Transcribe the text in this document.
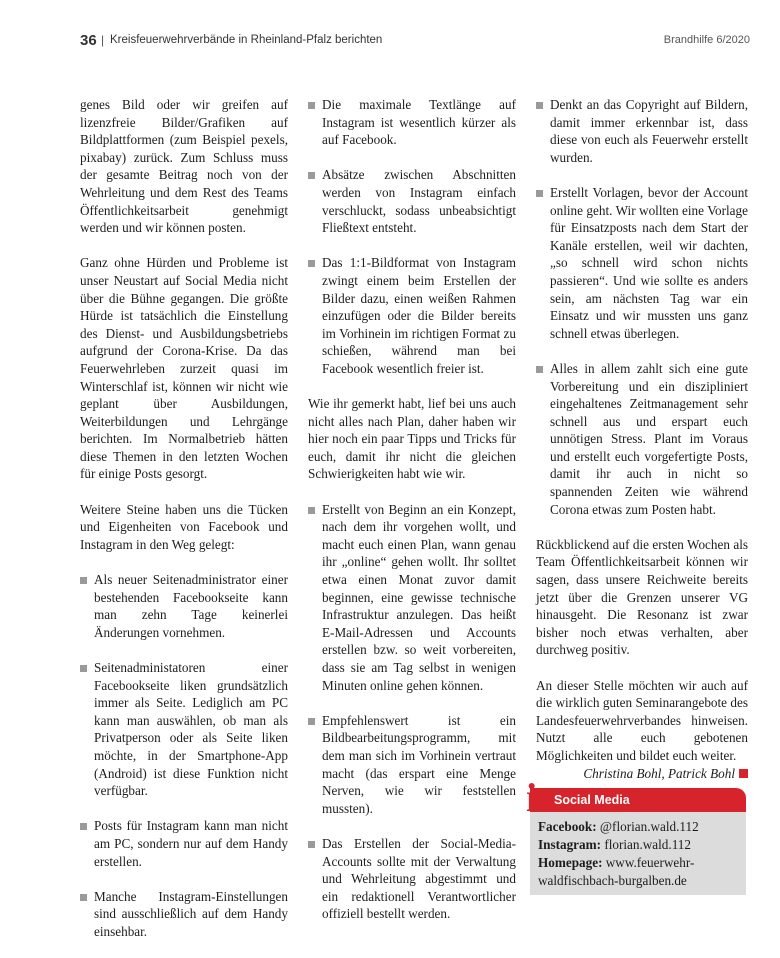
36 | Kreisfeuerwehrverbände in Rheinland-Pfalz berichten	Brandhilfe 6/2020

genes Bild oder wir greifen auf lizenzfreie Bilder/Grafiken auf Bildplattformen (zum Beispiel pexels, pixabay) zurück. Zum Schluss muss der gesamte Beitrag noch von der Wehrleitung und dem Rest des Teams Öffentlichkeitsarbeit genehmigt werden und wir können posten.

Ganz ohne Hürden und Probleme ist unser Neustart auf Social Media nicht über die Bühne gegangen. Die größte Hürde ist tatsächlich die Einstellung des Dienst- und Ausbildungsbetriebs aufgrund der Corona-Krise. Da das Feuerwehrleben zurzeit quasi im Winterschlaf ist, können wir nicht wie geplant über Ausbildungen, Weiterbildungen und Lehrgänge berichten. Im Normalbetrieb hätten diese Themen in den letzten Wochen für einige Posts gesorgt.

Weitere Steine haben uns die Tücken und Eigenheiten von Facebook und Instagram in den Weg gelegt:

Als neuer Seitenadministrator einer bestehenden Facebookseite kann man zehn Tage keinerlei Änderungen vornehmen.

Seitenadministatoren einer Facebookseite liken grundsätzlich immer als Seite. Lediglich am PC kann man auswählen, ob man als Privatperson oder als Seite liken möchte, in der Smartphone-App (Android) ist diese Funktion nicht verfügbar.

Posts für Instagram kann man nicht am PC, sondern nur auf dem Handy erstellen.

Manche Instagram-Einstellungen sind ausschließlich auf dem Handy einsehbar.

Die maximale Textlänge auf Instagram ist wesentlich kürzer als auf Facebook.

Absätze zwischen Abschnitten werden von Instagram einfach verschluckt, sodass unbeabsichtigt Fließtext entsteht.

Das 1:1-Bildformat von Instagram zwingt einem beim Erstellen der Bilder dazu, einen weißen Rahmen einzufügen oder die Bilder bereits im Vorhinein im richtigen Format zu schießen, während man bei Facebook wesentlich freier ist.

Wie ihr gemerkt habt, lief bei uns auch nicht alles nach Plan, daher haben wir hier noch ein paar Tipps und Tricks für euch, damit ihr nicht die gleichen Schwierigkeiten habt wie wir.

Erstellt von Beginn an ein Konzept, nach dem ihr vorgehen wollt, und macht euch einen Plan, wann genau ihr „online“ gehen wollt. Ihr solltet etwa einen Monat zuvor damit beginnen, eine gewisse technische Infrastruktur anzulegen. Das heißt E-Mail-Adressen und Accounts erstellen bzw. so weit vorbereiten, dass sie am Tag selbst in wenigen Minuten online gehen können.

Empfehlenswert ist ein Bildbearbeitungsprogramm, mit dem man sich im Vorhinein vertraut macht (das erspart eine Menge Nerven, wie wir feststellen mussten).

Das Erstellen der Social-Media-Accounts sollte mit der Verwaltung und Wehrleitung abgestimmt und ein redaktionell Verantwortlicher offiziell bestellt werden.

Denkt an das Copyright auf Bildern, damit immer erkennbar ist, dass diese von euch als Feuerwehr erstellt wurden.

Erstellt Vorlagen, bevor der Account online geht. Wir wollten eine Vorlage für Einsatzposts nach dem Start der Kanäle erstellen, weil wir dachten, „so schnell wird schon nichts passieren“. Und wie sollte es anders sein, am nächsten Tag war ein Einsatz und wir mussten uns ganz schnell etwas überlegen.

Alles in allem zahlt sich eine gute Vorbereitung und ein diszipliniert eingehaltenes Zeitmanagement sehr schnell aus und erspart euch unnötigen Stress. Plant im Voraus und erstellt euch vorgefertigte Posts, damit ihr auch in nicht so spannenden Zeiten wie während Corona etwas zum Posten habt.

Rückblickend auf die ersten Wochen als Team Öffentlichkeitsarbeit können wir sagen, dass unsere Reichweite bereits jetzt über die Grenzen unserer VG hinausgeht. Die Resonanz ist zwar bisher noch etwas verhalten, aber durchweg positiv.

An dieser Stelle möchten wir auch auf die wirklich guten Seminarangebote des Landesfeuerwehrverbandes hinweisen. Nutzt alle euch gebotenen Möglichkeiten und bildet euch weiter.

Christina Bohl, Patrick Bohl
i	Social Media
Facebook: @florian.wald.112
Instagram: florian.wald.112
Homepage: www.feuerwehr-waldfischbach-burgalben.de
